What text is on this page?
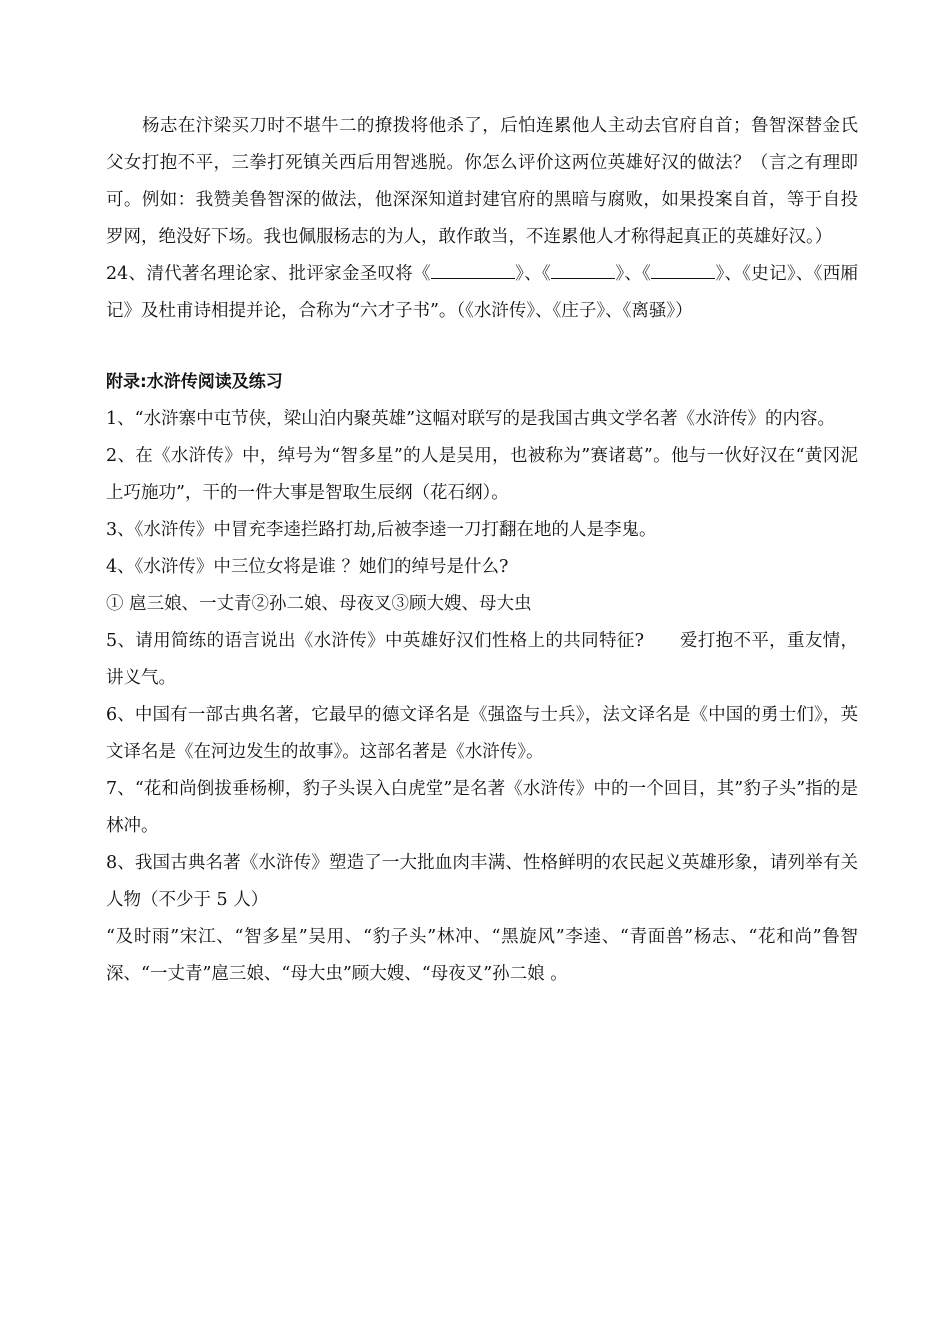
杨志在汴梁买刀时不堪牛二的撩拨将他杀了，后怕连累他人主动去官府自首；鲁智深替金氏父女打抱不平，三拳打死镇关西后用智逃脱。你怎么评价这两位英雄好汉的做法？（言之有理即可。例如：我赞美鲁智深的做法，他深深知道封建官府的黑暗与腐败，如果投案自首，等于自投罗网，绝没好下场。我也佩服杨志的为人，敢作敢当，不连累他人才称得起真正的英雄好汉。）

24、清代著名理论家、批评家金圣叹将《	》、《	》、《	》、《史记》、《西厢记》及杜甫诗相提并论，合称为“六才子书”。（《水浒传》、《庄子》、《离骚》）

附录:水浒传阅读及练习

1、“水浒寨中屯节侠，梁山泊内聚英雄”这幅对联写的是我国古典文学名著《水浒传》的内容。

2、在《水浒传》中，绰号为“智多星”的人是吴用，也被称为”赛诸葛”。他与一伙好汉在“黄冈泥上巧施功”，干的一件大事是智取生辰纲（花石纲）。

3、《水浒传》中冒充李逵拦路打劫,后被李逵一刀打翻在地的人是李鬼。

4、《水浒传》中三位女将是谁 ？她们的绰号是什么?

① 扈三娘、一丈青②孙二娘、母夜叉③顾大嫂、母大虫

5、请用简练的语言说出《水浒传》中英雄好汉们性格上的共同特征?　　爱打抱不平，重友情，讲义气。

6、中国有一部古典名著，它最早的德文译名是《强盗与士兵》，法文译名是《中国的勇士们》，英文译名是《在河边发生的故事》。这部名著是《水浒传》。

7、“花和尚倒拔垂杨柳，豹子头误入白虎堂”是名著《水浒传》中的一个回目，其”豹子头”指的是林冲。

8、我国古典名著《水浒传》塑造了一大批血肉丰满、性格鲜明的农民起义英雄形象，请列举有关人物（不少于 5 人）

“及时雨”宋江、“智多星”吴用、“豹子头”林冲、“黑旋风”李逵、“青面兽”杨志、“花和尚”鲁智深、“一丈青”扈三娘、“母大虫”顾大嫂、“母夜叉”孙二娘 。
